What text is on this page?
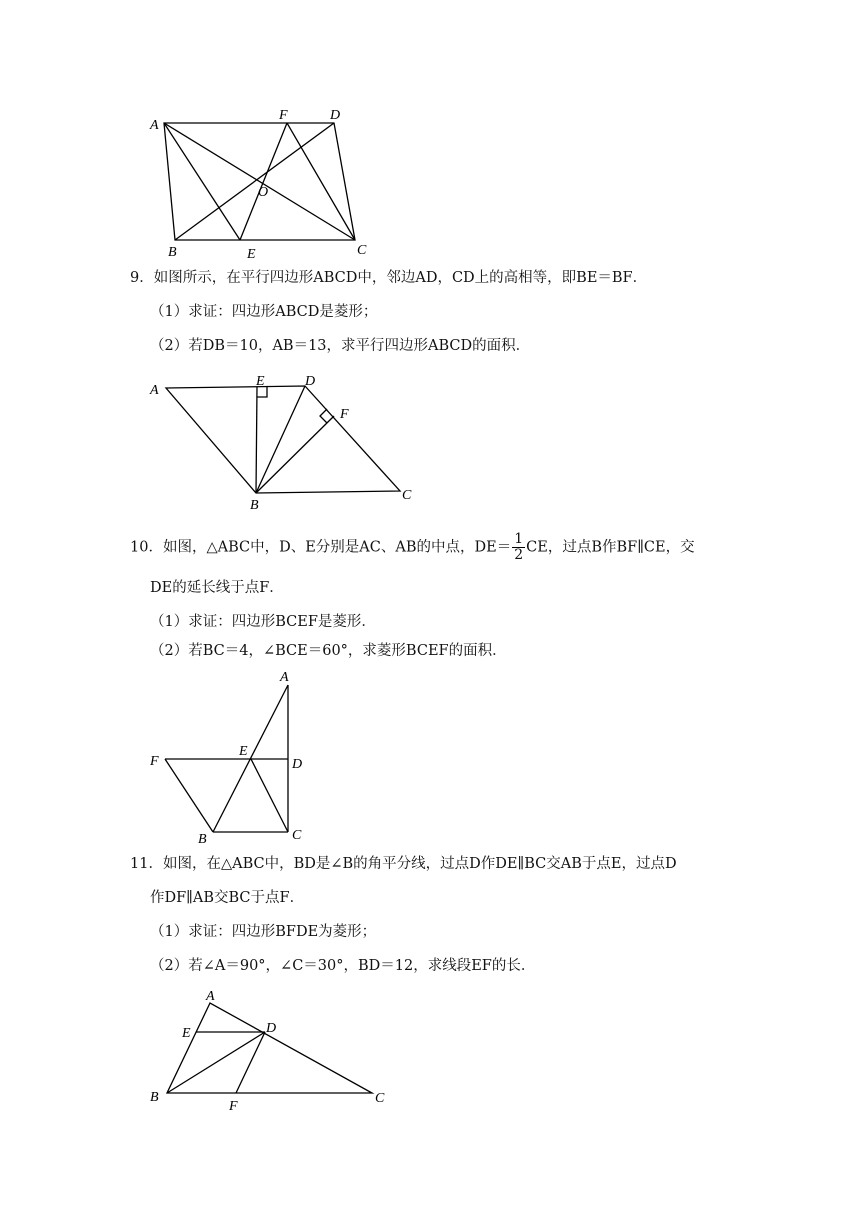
A
F	D
O
B	E	C
9．如图所示，在平行四边形ABCD中，邻边AD，CD上的高相等，即BE＝BF．
（1）求证：四边形ABCD是菱形；
（2）若DB＝10，AB＝13，求平行四边形ABCD的面积．
A
E	D
F
B
C
10．如图，△ABC中，D、E分别是AC、AB的中点，$DE= \frac{1}{2}$ CE，过点B作BF∥CE，交
DE的延长线于点F．
（1）求证：四边形BCEF是菱形．
（2）若BC＝4，∠BCE＝60°，求菱形BCEF的面积．
A
F
E
D
B	C
11．如图，在△ABC中，BD是∠B的角平分线，过点D作DE∥BC交AB于点E，过点D
作DF∥AB交BC于点F．
（1）求证：四边形BFDE为菱形；
（2）若∠A＝90°，∠C＝30°，BD＝12，求线段EF的长．
A
E	D
B
F
C
